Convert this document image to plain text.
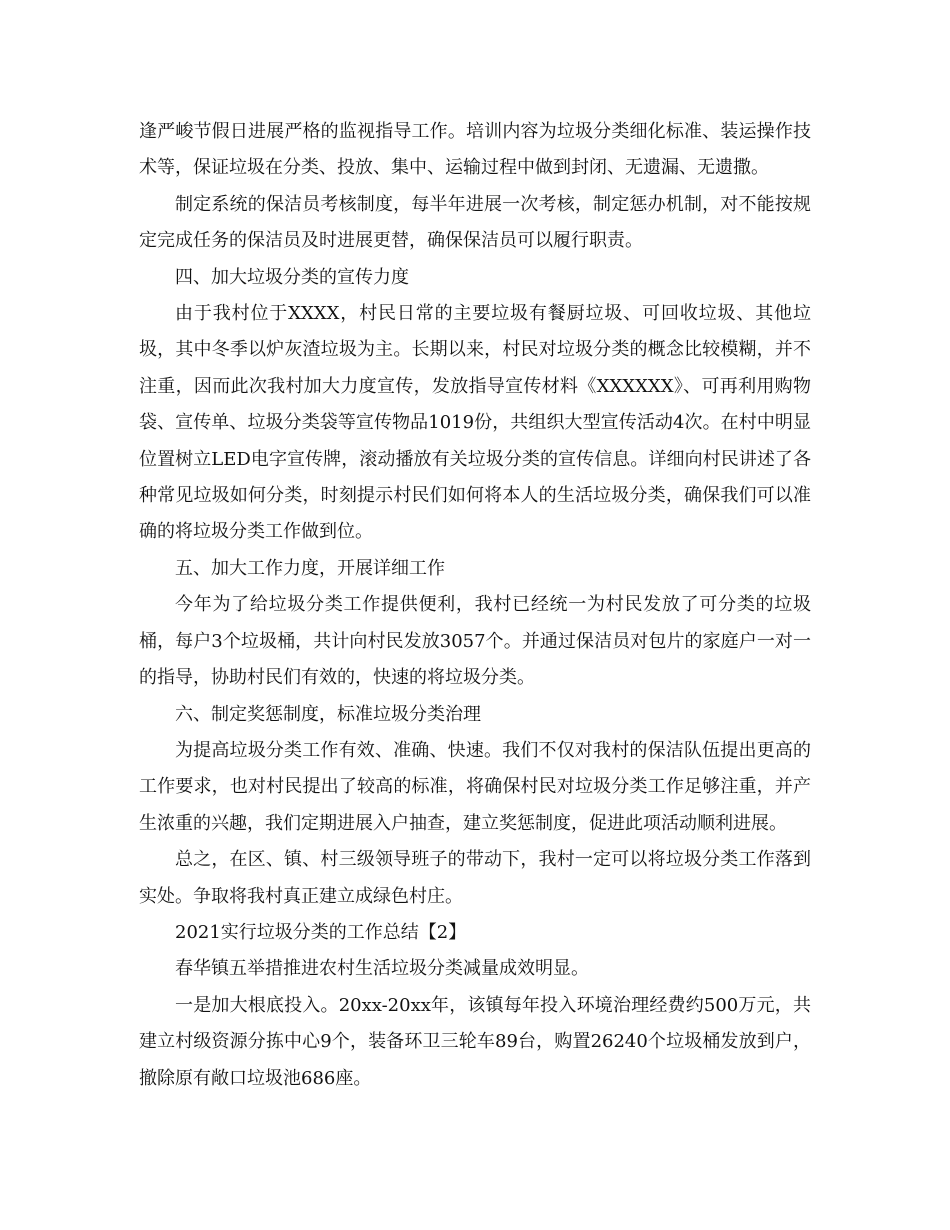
逢严峻节假日进展严格的监视指导工作。培训内容为垃圾分类细化标准、装运操作技术等，保证垃圾在分类、投放、集中、运输过程中做到封闭、无遗漏、无遗撒。

制定系统的保洁员考核制度，每半年进展一次考核，制定惩办机制，对不能按规定完成任务的保洁员及时进展更替，确保保洁员可以履行职责。

四、加大垃圾分类的宣传力度

由于我村位于XXXX，村民日常的主要垃圾有餐厨垃圾、可回收垃圾、其他垃圾，其中冬季以炉灰渣垃圾为主。长期以来，村民对垃圾分类的概念比较模糊，并不注重，因而此次我村加大力度宣传，发放指导宣传材料《XXXXXX》、可再利用购物袋、宣传单、垃圾分类袋等宣传物品1019份，共组织大型宣传活动4次。在村中明显位置树立LED电字宣传牌，滚动播放有关垃圾分类的宣传信息。详细向村民讲述了各种常见垃圾如何分类，时刻提示村民们如何将本人的生活垃圾分类，确保我们可以准确的将垃圾分类工作做到位。

五、加大工作力度，开展详细工作

今年为了给垃圾分类工作提供便利，我村已经统一为村民发放了可分类的垃圾桶，每户3个垃圾桶，共计向村民发放3057个。并通过保洁员对包片的家庭户一对一的指导，协助村民们有效的，快速的将垃圾分类。

六、制定奖惩制度，标准垃圾分类治理

为提高垃圾分类工作有效、准确、快速。我们不仅对我村的保洁队伍提出更高的工作要求，也对村民提出了较高的标准，将确保村民对垃圾分类工作足够注重，并产生浓重的兴趣，我们定期进展入户抽查，建立奖惩制度，促进此项活动顺利进展。

总之，在区、镇、村三级领导班子的带动下，我村一定可以将垃圾分类工作落到实处。争取将我村真正建立成绿色村庄。

2021实行垃圾分类的工作总结【2】

春华镇五举措推进农村生活垃圾分类减量成效明显。

一是加大根底投入。20xx-20xx年，该镇每年投入环境治理经费约500万元，共建立村级资源分拣中心9个，装备环卫三轮车89台，购置26240个垃圾桶发放到户，撤除原有敞口垃圾池686座。
